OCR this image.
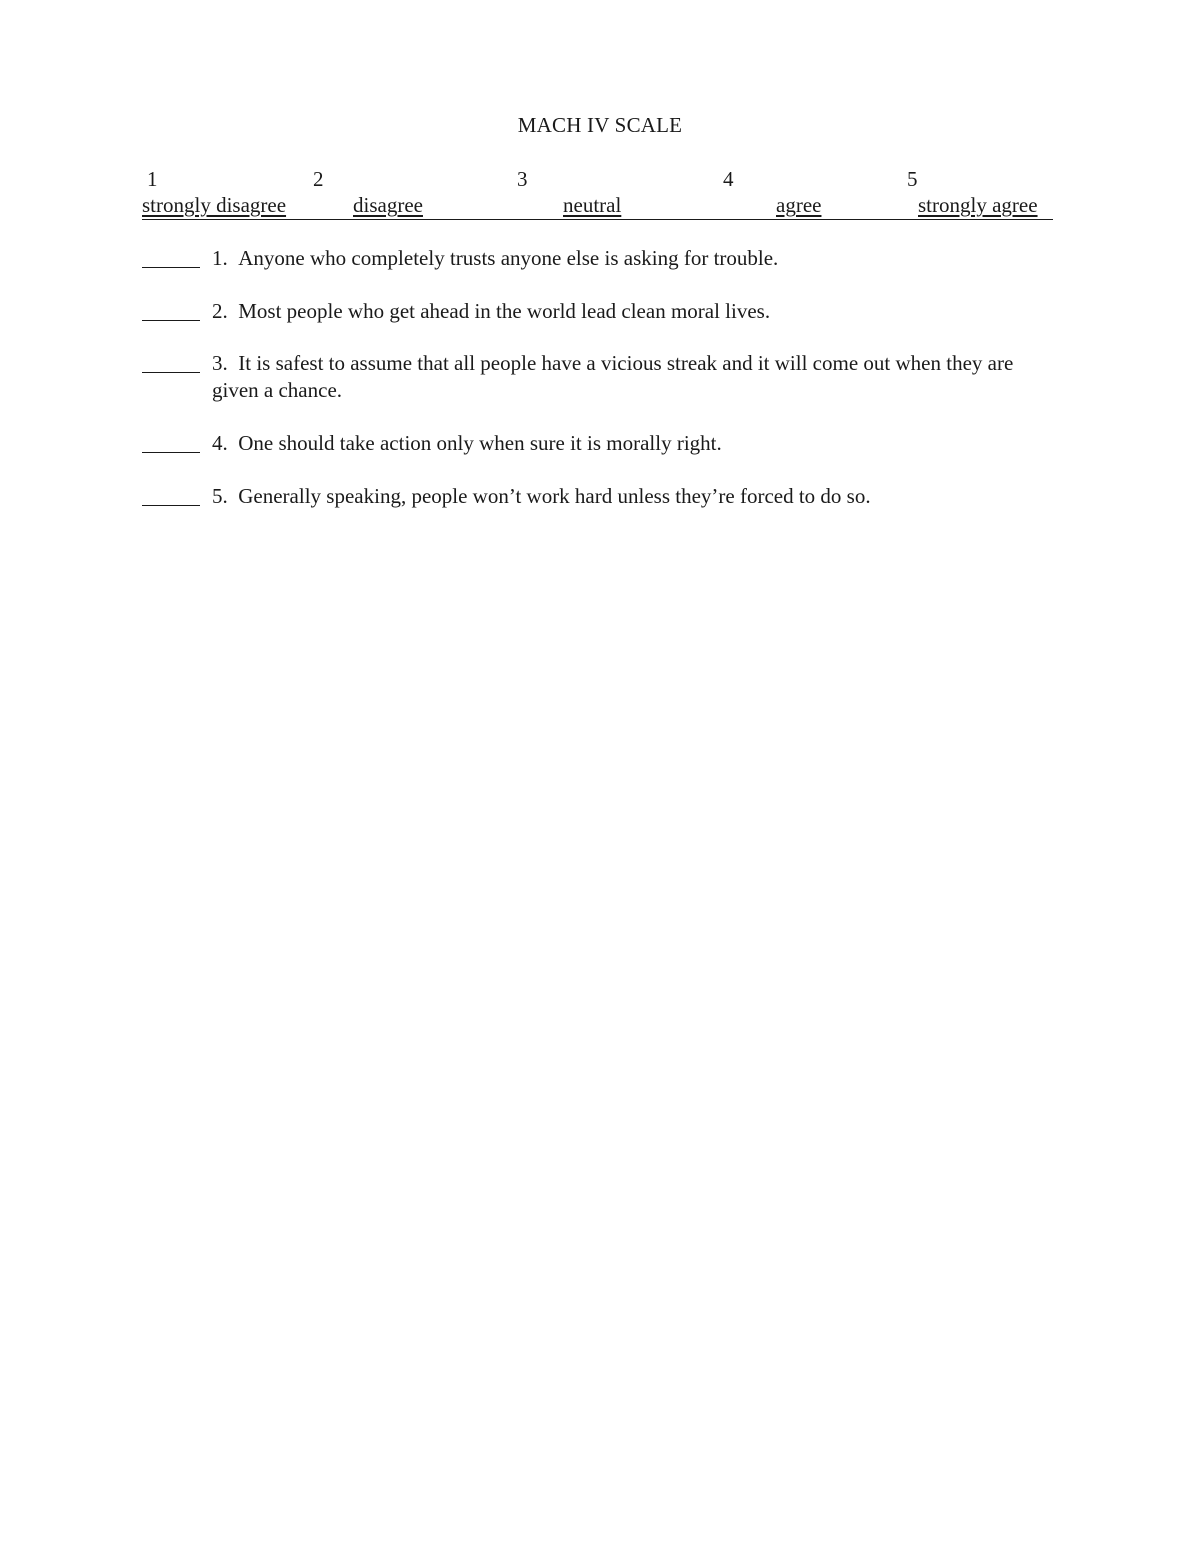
MACH IV SCALE
1	2	3	4	5
strongly disagree	disagree	neutral	agree	strongly agree
1. Anyone who completely trusts anyone else is asking for trouble.
2. Most people who get ahead in the world lead clean moral lives.
3. It is safest to assume that all people have a vicious streak and it will come out when they are given a chance.
4. One should take action only when sure it is morally right.
5. Generally speaking, people won’t work hard unless they’re forced to do so.
